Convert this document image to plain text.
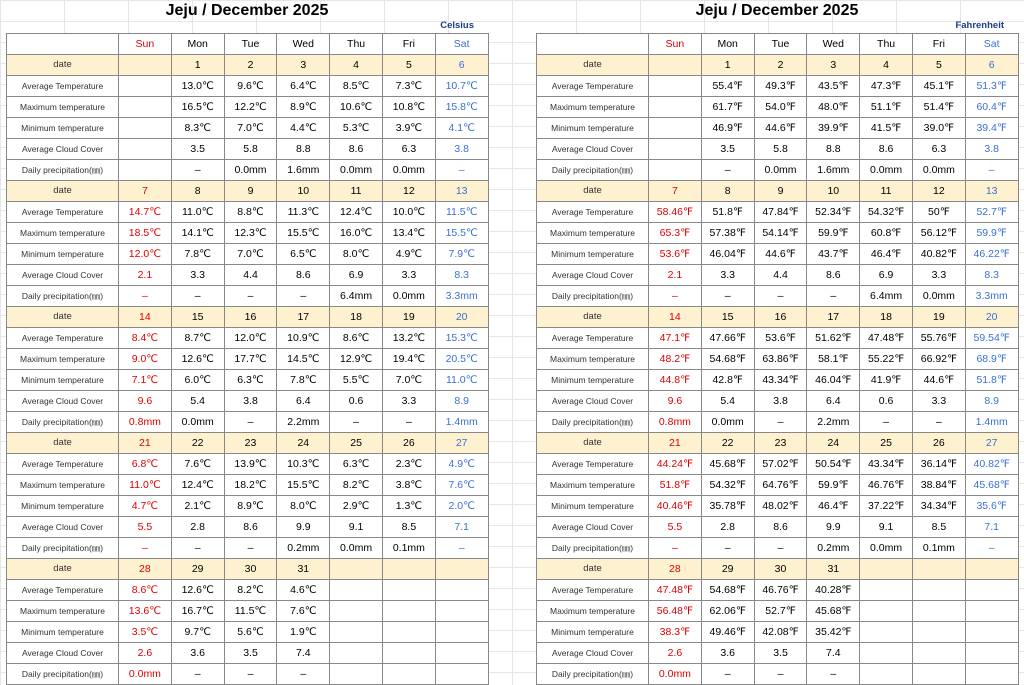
Jeju / December 2025
Celsius
	Sun	Mon	Tue	Wed	Thu	Fri	Sat
date		1	2	3	4	5	6
Average Temperature		13.0℃	9.6℃	6.4℃	8.5℃	7.3℃	10.7℃
Maximum temperature		16.5℃	12.2℃	8.9℃	10.6℃	10.8℃	15.8℃
Minimum temperature		8.3℃	7.0℃	4.4℃	5.3℃	3.9℃	4.1℃
Average Cloud Cover		3.5	5.8	8.8	8.6	6.3	3.8
Daily precipitation(㎜)		–	0.0mm	1.6mm	0.0mm	0.0mm	–
date	7	8	9	10	11	12	13
Average Temperature	14.7℃	11.0℃	8.8℃	11.3℃	12.4℃	10.0℃	11.5℃
Maximum temperature	18.5℃	14.1℃	12.3℃	15.5℃	16.0℃	13.4℃	15.5℃
Minimum temperature	12.0℃	7.8℃	7.0℃	6.5℃	8.0℃	4.9℃	7.9℃
Average Cloud Cover	2.1	3.3	4.4	8.6	6.9	3.3	8.3
Daily precipitation(㎜)	–	–	–	–	6.4mm	0.0mm	3.3mm
date	14	15	16	17	18	19	20
Average Temperature	8.4℃	8.7℃	12.0℃	10.9℃	8.6℃	13.2℃	15.3℃
Maximum temperature	9.0℃	12.6℃	17.7℃	14.5℃	12.9℃	19.4℃	20.5℃
Minimum temperature	7.1℃	6.0℃	6.3℃	7.8℃	5.5℃	7.0℃	11.0℃
Average Cloud Cover	9.6	5.4	3.8	6.4	0.6	3.3	8.9
Daily precipitation(㎜)	0.8mm	0.0mm	–	2.2mm	–	–	1.4mm
date	21	22	23	24	25	26	27
Average Temperature	6.8℃	7.6℃	13.9℃	10.3℃	6.3℃	2.3℃	4.9℃
Maximum temperature	11.0℃	12.4℃	18.2℃	15.5℃	8.2℃	3.8℃	7.6℃
Minimum temperature	4.7℃	2.1℃	8.9℃	8.0℃	2.9℃	1.3℃	2.0℃
Average Cloud Cover	5.5	2.8	8.6	9.9	9.1	8.5	7.1
Daily precipitation(㎜)	–	–	–	0.2mm	0.0mm	0.1mm	–
date	28	29	30	31			
Average Temperature	8.6℃	12.6℃	8.2℃	4.6℃			
Maximum temperature	13.6℃	16.7℃	11.5℃	7.6℃			
Minimum temperature	3.5℃	9.7℃	5.6℃	1.9℃			
Average Cloud Cover	2.6	3.6	3.5	7.4			
Daily precipitation(㎜)	0.0mm	–	–	–			
Jeju / December 2025
Fahrenheit
	Sun	Mon	Tue	Wed	Thu	Fri	Sat
date		1	2	3	4	5	6
Average Temperature		55.4℉	49.3℉	43.5℉	47.3℉	45.1℉	51.3℉
Maximum temperature		61.7℉	54.0℉	48.0℉	51.1℉	51.4℉	60.4℉
Minimum temperature		46.9℉	44.6℉	39.9℉	41.5℉	39.0℉	39.4℉
Average Cloud Cover		3.5	5.8	8.8	8.6	6.3	3.8
Daily precipitation(㎜)		–	0.0mm	1.6mm	0.0mm	0.0mm	–
date	7	8	9	10	11	12	13
Average Temperature	58.46℉	51.8℉	47.84℉	52.34℉	54.32℉	50℉	52.7℉
Maximum temperature	65.3℉	57.38℉	54.14℉	59.9℉	60.8℉	56.12℉	59.9℉
Minimum temperature	53.6℉	46.04℉	44.6℉	43.7℉	46.4℉	40.82℉	46.22℉
Average Cloud Cover	2.1	3.3	4.4	8.6	6.9	3.3	8.3
Daily precipitation(㎜)	–	–	–	–	6.4mm	0.0mm	3.3mm
date	14	15	16	17	18	19	20
Average Temperature	47.1℉	47.66℉	53.6℉	51.62℉	47.48℉	55.76℉	59.54℉
Maximum temperature	48.2℉	54.68℉	63.86℉	58.1℉	55.22℉	66.92℉	68.9℉
Minimum temperature	44.8℉	42.8℉	43.34℉	46.04℉	41.9℉	44.6℉	51.8℉
Average Cloud Cover	9.6	5.4	3.8	6.4	0.6	3.3	8.9
Daily precipitation(㎜)	0.8mm	0.0mm	–	2.2mm	–	–	1.4mm
date	21	22	23	24	25	26	27
Average Temperature	44.24℉	45.68℉	57.02℉	50.54℉	43.34℉	36.14℉	40.82℉
Maximum temperature	51.8℉	54.32℉	64.76℉	59.9℉	46.76℉	38.84℉	45.68℉
Minimum temperature	40.46℉	35.78℉	48.02℉	46.4℉	37.22℉	34.34℉	35.6℉
Average Cloud Cover	5.5	2.8	8.6	9.9	9.1	8.5	7.1
Daily precipitation(㎜)	–	–	–	0.2mm	0.0mm	0.1mm	–
date	28	29	30	31			
Average Temperature	47.48℉	54.68℉	46.76℉	40.28℉			
Maximum temperature	56.48℉	62.06℉	52.7℉	45.68℉			
Minimum temperature	38.3℉	49.46℉	42.08℉	35.42℉			
Average Cloud Cover	2.6	3.6	3.5	7.4			
Daily precipitation(㎜)	0.0mm	–	–	–			
